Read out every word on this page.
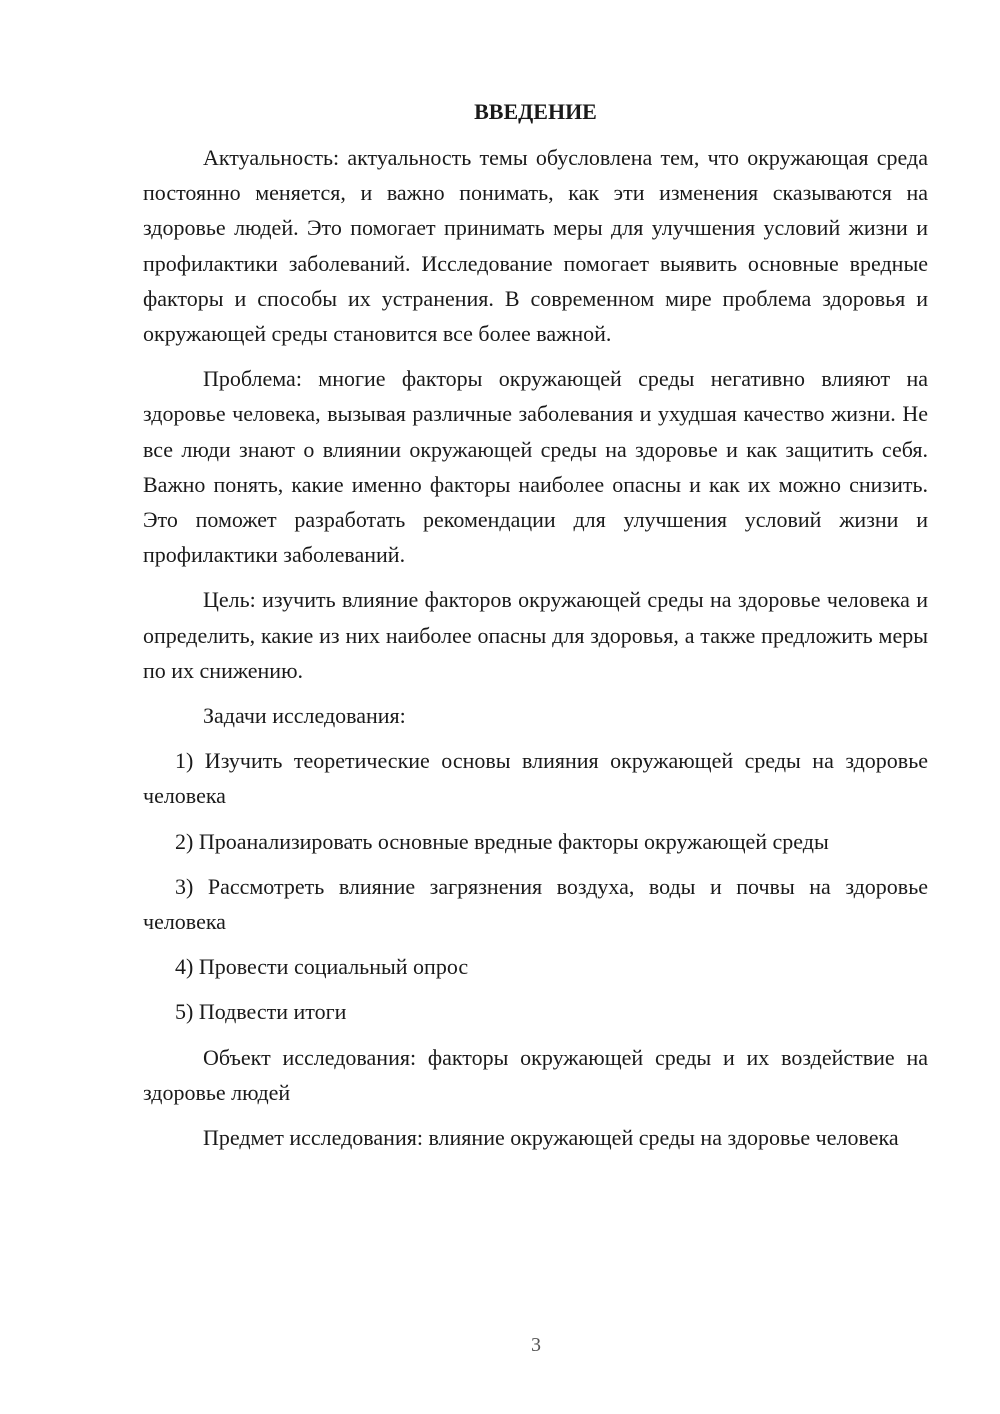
ВВЕДЕНИЕ

Актуальность: актуальность темы обусловлена тем, что окружающая среда постоянно меняется, и важно понимать, как эти изменения сказываются на здоровье людей. Это помогает принимать меры для улучшения условий жизни и профилактики заболеваний. Исследование помогает выявить основные вредные факторы и способы их устранения. В современном мире проблема здоровья и окружающей среды становится все более важной.

Проблема: многие факторы окружающей среды негативно влияют на здоровье человека, вызывая различные заболевания и ухудшая качество жизни. Не все люди знают о влиянии окружающей среды на здоровье и как защитить себя. Важно понять, какие именно факторы наиболее опасны и как их можно снизить. Это поможет разработать рекомендации для улучшения условий жизни и профилактики заболеваний.

Цель: изучить влияние факторов окружающей среды на здоровье человека и определить, какие из них наиболее опасны для здоровья, а также предложить меры по их снижению.

Задачи исследования:

1) Изучить теоретические основы влияния окружающей среды на здоровье человека

2) Проанализировать основные вредные факторы окружающей среды

3) Рассмотреть влияние загрязнения воздуха, воды и почвы на здоровье человека

4) Провести социальный опрос

5) Подвести итоги

Объект исследования: факторы окружающей среды и их воздействие на здоровье людей

Предмет исследования: влияние окружающей среды на здоровье человека

3
